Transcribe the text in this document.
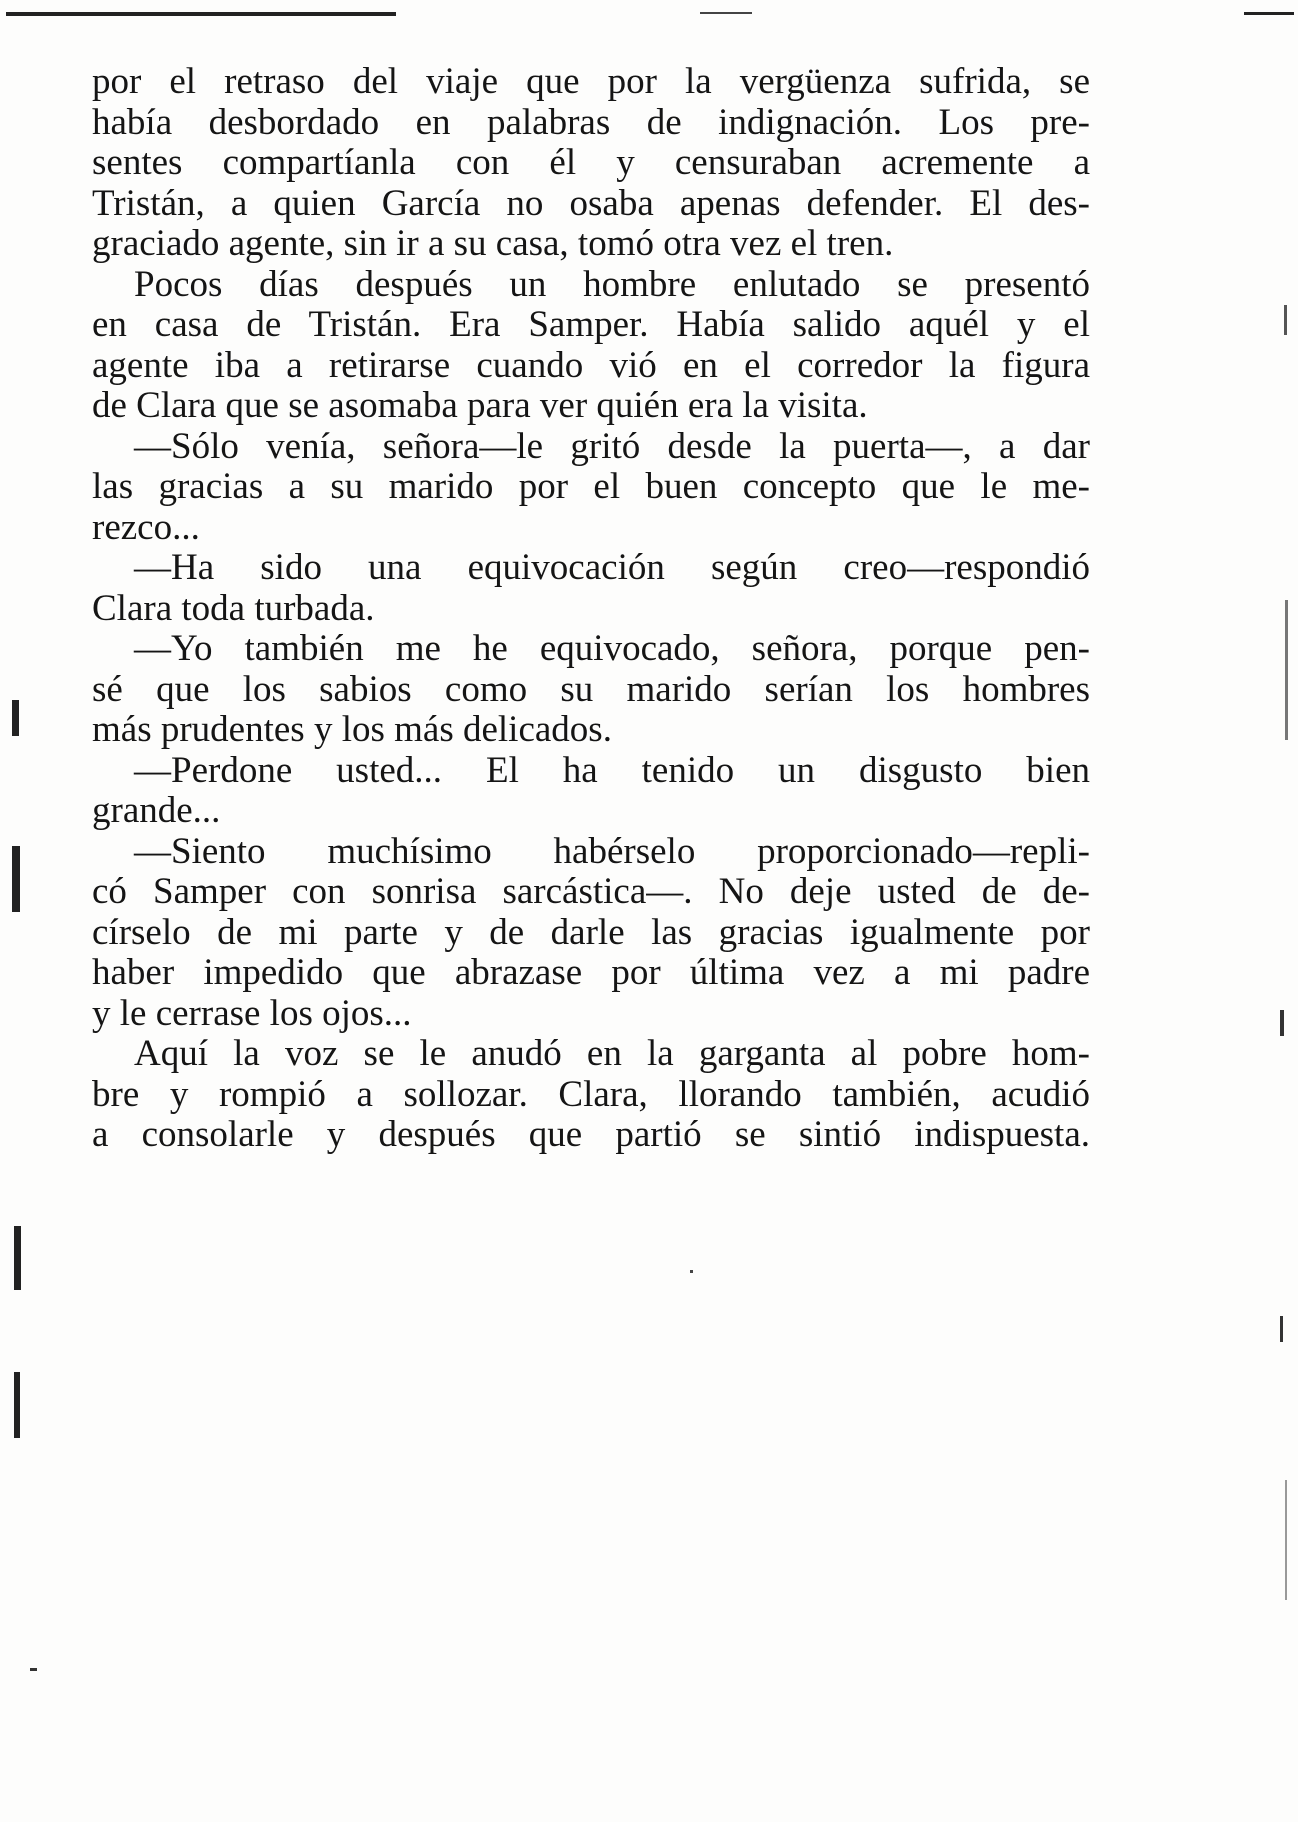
por el retraso del viaje que por la vergüenza sufrida, se
había desbordado en palabras de indignación. Los pre-
sentes compartíanla con él y censuraban acremente a
Tristán, a quien García no osaba apenas defender. El des-
graciado agente, sin ir a su casa, tomó otra vez el tren.
Pocos días después un hombre enlutado se presentó
en casa de Tristán. Era Samper. Había salido aquél y el
agente iba a retirarse cuando vió en el corredor la figura
de Clara que se asomaba para ver quién era la visita.
—Sólo venía, señora—le gritó desde la puerta—, a dar
las gracias a su marido por el buen concepto que le me-
rezco...
—Ha sido una equivocación según creo—respondió
Clara toda turbada.
—Yo también me he equivocado, señora, porque pen-
sé que los sabios como su marido serían los hombres
más prudentes y los más delicados.
—Perdone usted... El ha tenido un disgusto bien
grande...
—Siento muchísimo habérselo proporcionado—repli-
có Samper con sonrisa sarcástica—. No deje usted de de-
círselo de mi parte y de darle las gracias igualmente por
haber impedido que abrazase por última vez a mi padre
y le cerrase los ojos...
Aquí la voz se le anudó en la garganta al pobre hom-
bre y rompió a sollozar. Clara, llorando también, acudió
a consolarle y después que partió se sintió indispuesta.
